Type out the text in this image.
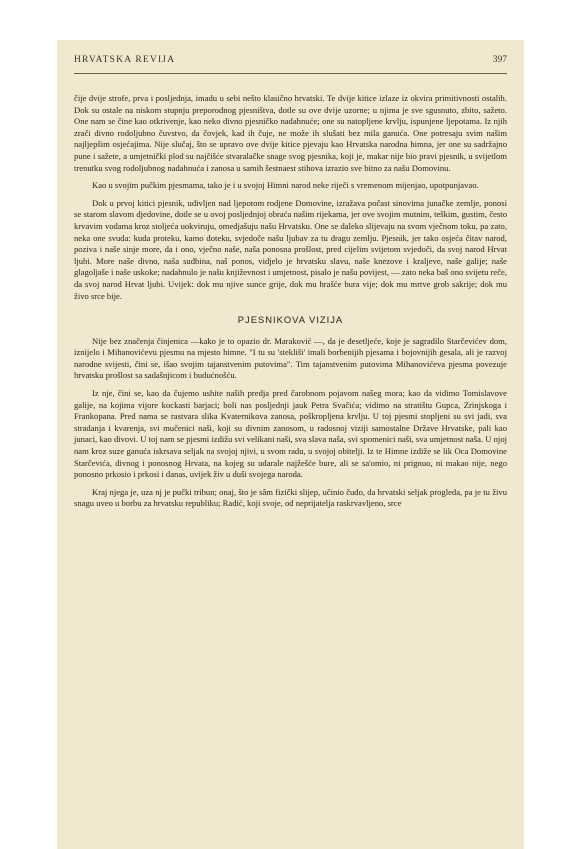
HRVATSKA REVIJA	397

čije dvije strofe, prva i posljednja, imadu u sebi nešto klasično hrvatski. Te dvije kitice izlaze iz okvira primitivnosti ostalih. Dok su ostale na niskom stupnju preporodnog pjesništva, dotle su ove dvije uzorne; u njima je sve sgusnuto, zbito, sažeto. One nam se čine kao otkrivenje, kao neko divno pjesničko nadahnuće; one su natopljene krvlju, ispunjene ljepotama. Iz njih zrači divno rodoljubno čuvstvo, da čovjek, kad ih čuje, ne može ih slušati bez mila ganuća. One potresaju svim našim najljepšim osjećajima. Nije slučaj, što se upravo ove dvije kitice pjevaju kao Hrvatska narodna himna, jer one su sadržajno pune i sažete, a umjetnički plod su najčišće stvaralačke snage svog pjesnika, koji je, makar nije bio pravi pjesnik, u svijetlom trenutku svog rodoljubnog nadahnuća i zanosa u samih šestnaest stihova izrazio sve bitno za našu Domovinu.

Kao u svojim pučkim pjesmama, tako je i u svojoj Himni narod neke riječi s vremenom mijenjao, upotpunjavao.

Dok u prvoj kitici pjesnik, udivljen nad ljepotom rodjene Domovine, izražava počast sinovima junačke zemlje, ponosi se starom slavom djedovine, dotle se u ovoj posljednjoj obraća našim rijekama, jer ove svojim mutnim, teškim, gustim, često krvavim vodama kroz stoljeća uokviruju, omedjašuju našu Hrvatsku. One se daleko slijevaju na svom vječnom toku, pa zato, neka one svuda: kuda proteku, kamo doteku, svjedoče našu ljubav za tu dragu zemlju. Pjesnik, jer tako osjeća čitav narod, poziva i naše sinje more, da i ono, vječno naše, naša ponosna prošlost, pred cijelim svijetom svjedoči, da svoj narod Hrvat ljubi. More naše divno, naša sudbina, naš ponos, vidjelo je hrvatsku slavu, naše knezove i kraljeve, naše galije; naše glagoljaše i naše uskoke; nadahnulo je našu književnost i umjetnost, pisalo je našu povijest, — zato neka baš ono svijetu reče, da svoj narod Hrvat ljubi. Uvijek: dok mu njive sunce grije, dok mu hrašće bura vije; dok mu mrtve grob sakrije; dok mu živo srce bije.

PJESNIKOVA VIZIJA

Nije bez značenja činjenica —kako je to opazio dr. Maraković —, da je desetljeće, koje je sagradilo Starčevićev dom, iznijelo i Mihanovićevu pjesmu na mjesto himne. "I tu su 'stekliši' imali borbenijih pjesama i bojovnijih gesala, ali je razvoj narodne svijesti, čini se, išao svojim tajanstvenim putovima". Tim tajanstvenim putovima Mihanovićeva pjesma povezuje hrvatsku prošlost sa sadašnjicom i budućnošću.

Iz nje, čini se, kao da čujemo ushite naših predja pred čarobnom pojavom našeg mora; kao da vidimo Tomislavove galije, na kojima vijore kockasti barjaci; boli nas posljednji jauk Petra Svačića; vidimo na stratištu Gupca, Zrinjskoga i Frankopana. Pred nama se rastvara slika Kvaternikova zanosa, poškropljena krvlju. U toj pjesmi stopljeni su svi jadi, sva stradanja i kvarenja, svi mučenici naši, koji su divnim zanosom, u radosnoj viziji samostalne Države Hrvatske, pali kao junaci, kao divovi. U toj nam se pjesmi izdižu svi velikani naši, sva slava naša, svi spomenici naši, sva umjetnost naša. U njoj nam kroz suze ganuća iskrsava seljak na svojoj njivi, u svom radu, u svojoj obitelji. Iz te Himne izdiže se lik Oca Domovine Starčevića, divnog i ponosnog Hrvata, na kojeg su udarale najžešće bure, ali se sa'omio, ni prignuo, ni makao nije, nego ponosno prkosio i prkosi i danas, uvijek živ u duši svojega naroda.

Kraj njega je, uza nj je pučki tribun; onaj, što je sâm fizički slijep, učinio čudo, da hrvatski seljak progleda, pa je tu živu snagu uveo u borbu za hrvatsku republiku; Radić, koji svoje, od neprijatelja raskrvavljeno, srce
